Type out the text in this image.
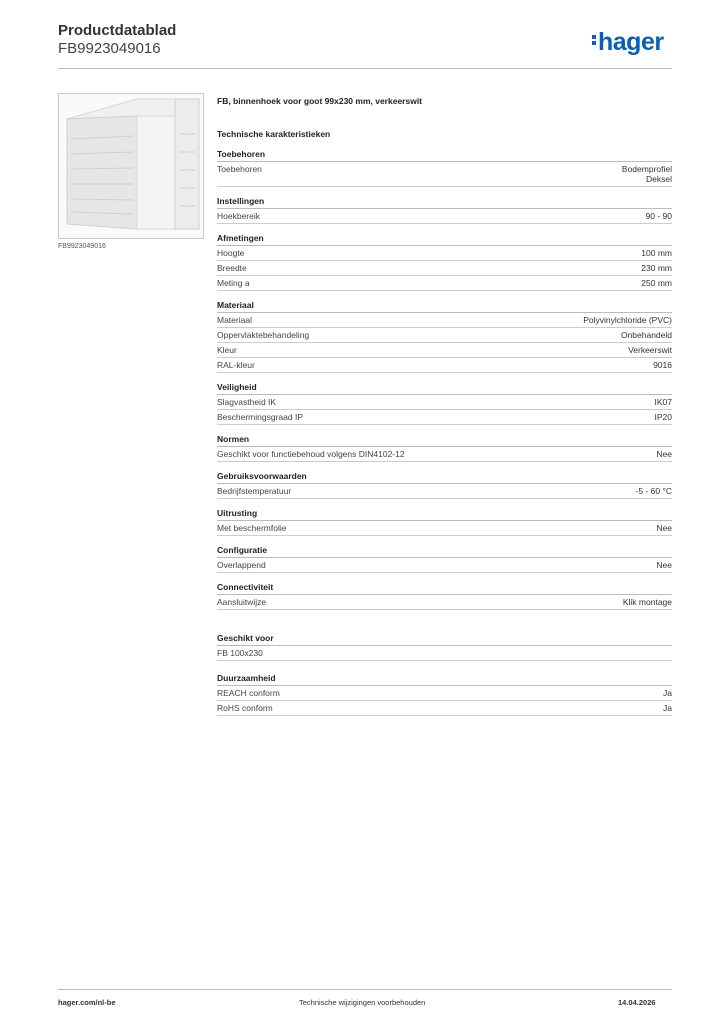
Productdatablad
FB9923049016	hager
FB9923049016
FB, binnenhoek voor goot 99x230 mm, verkeerswit
Technische karakteristieken
Toebehoren
Toebehoren	Bodemprofiel
Deksel
Instellingen
Hoekbereik	90 - 90
Afmetingen
Hoogte	100 mm
Breedte	230 mm
Meting a	250 mm
Materiaal
Materiaal	Polyvinylchloride (PVC)
Oppervlaktebehandeling	Onbehandeld
Kleur	Verkeerswit
RAL-kleur	9016
Veiligheid
Slagvastheid IK	IK07
Beschermingsgraad IP	IP20
Normen
Geschikt voor functiebehoud volgens DIN4102-12	Nee
Gebruiksvoorwaarden
Bedrijfstemperatuur	-5 - 60 °C
Uitrusting
Met beschermfolie	Nee
Configuratie
Overlappend	Nee
Connectiviteit
Aansluitwijze	Klik montage
Geschikt voor
FB 100x230
Duurzaamheid
REACH conform	Ja
RoHS conform	Ja
hager.com/nl-be	Technische wijzigingen voorbehouden	14.04.2026
